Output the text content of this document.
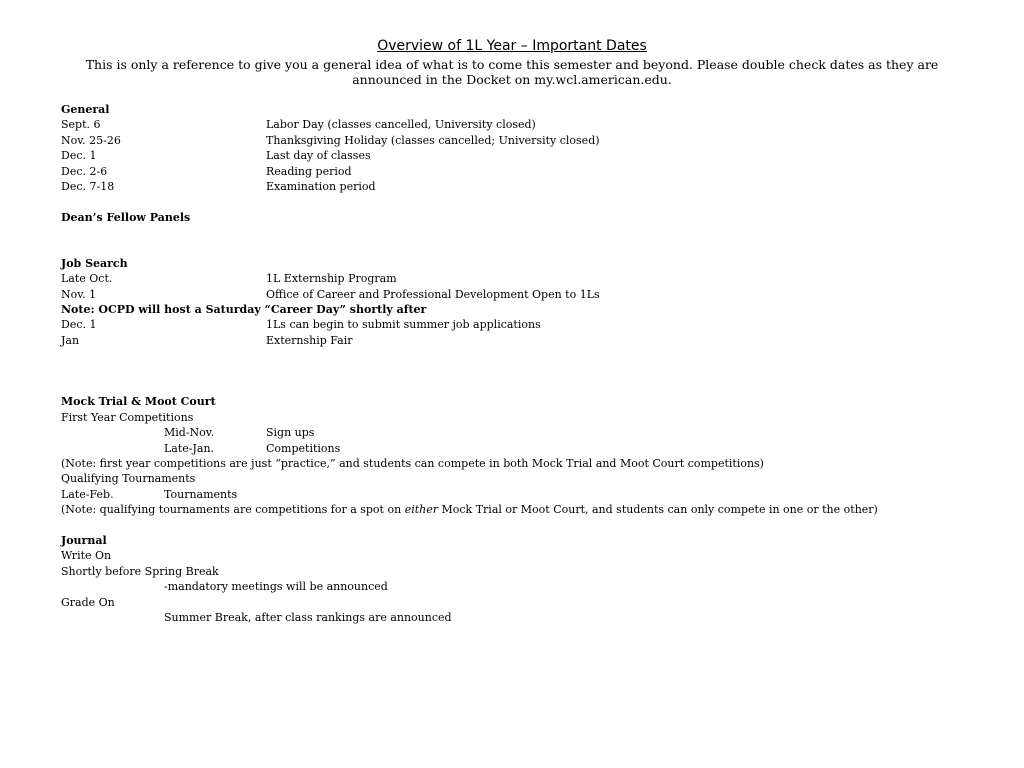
Overview of 1L Year – Important Dates

This is only a reference to give you a general idea of what is to come this semester and beyond. Please double check dates as they are announced in the Docket on my.wcl.american.edu.

General
Sept. 6	Labor Day (classes cancelled, University closed)
Nov. 25-26	Thanksgiving Holiday (classes cancelled; University closed)
Dec. 1	Last day of classes
Dec. 2-6	Reading period
Dec. 7-18	Examination period
Dean’s Fellow Panels
Job Search
Late Oct.	1L Externship Program
Nov. 1	Office of Career and Professional Development Open to 1Ls
Note: OCPD will host a Saturday “Career Day” shortly after
Dec. 1	1Ls can begin to submit summer job applications
Jan	Externship Fair
Mock Trial & Moot Court
First Year Competitions
Mid-Nov.	Sign ups
Late-Jan.	Competitions
(Note: first year competitions are just “practice,” and students can compete in both Mock Trial and Moot Court competitions)
Qualifying Tournaments
Late-Feb.	Tournaments
(Note: qualifying tournaments are competitions for a spot on either Mock Trial or Moot Court, and students can only compete in one or the other)
Journal
Write On
Shortly before Spring Break
-mandatory meetings will be announced
Grade On
Summer Break, after class rankings are announced
